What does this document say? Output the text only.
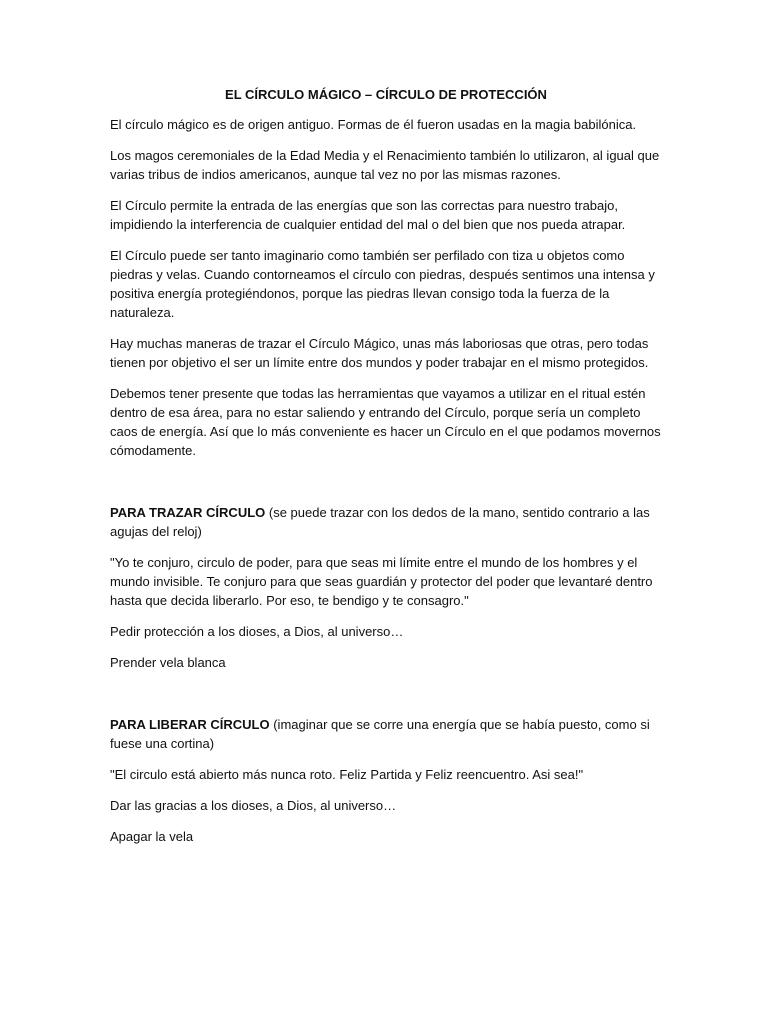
EL CÍRCULO MÁGICO – CÍRCULO DE PROTECCIÓN

El círculo mágico es de origen antiguo. Formas de él fueron usadas en la magia babilónica.

Los magos ceremoniales de la Edad Media y el Renacimiento también lo utilizaron, al igual que varias tribus de indios americanos, aunque tal vez no por las mismas razones.

El Círculo permite la entrada de las energías que son las correctas para nuestro trabajo, impidiendo la interferencia de cualquier entidad del mal o del bien que nos pueda atrapar.

El Círculo puede ser tanto imaginario como también ser perfilado con tiza u objetos como piedras y velas. Cuando contorneamos el círculo con piedras, después sentimos una intensa y positiva energía protegiéndonos, porque las piedras llevan consigo toda la fuerza de la naturaleza.

Hay muchas maneras de trazar el Círculo Mágico, unas más laboriosas que otras, pero todas tienen por objetivo el ser un límite entre dos mundos y poder trabajar en el mismo protegidos.

Debemos tener presente que todas las herramientas que vayamos a utilizar en el ritual estén dentro de esa área, para no estar saliendo y entrando del Círculo, porque sería un completo caos de energía. Así que lo más conveniente es hacer un Círculo en el que podamos movernos cómodamente.

PARA TRAZAR CÍRCULO (se puede trazar con los dedos de la mano, sentido contrario a las agujas del reloj)

"Yo te conjuro, circulo de poder, para que seas mi límite entre el mundo de los hombres y el mundo invisible. Te conjuro para que seas guardián y protector del poder que levantaré dentro hasta que decida liberarlo. Por eso, te bendigo y te consagro."

Pedir protección a los dioses, a Dios, al universo…

Prender vela blanca

PARA LIBERAR CÍRCULO (imaginar que se corre una energía que se había puesto, como si fuese una cortina)

"El circulo está abierto más nunca roto. Feliz Partida y Feliz reencuentro. Asi sea!"

Dar las gracias a los dioses, a Dios, al universo…

Apagar la vela
